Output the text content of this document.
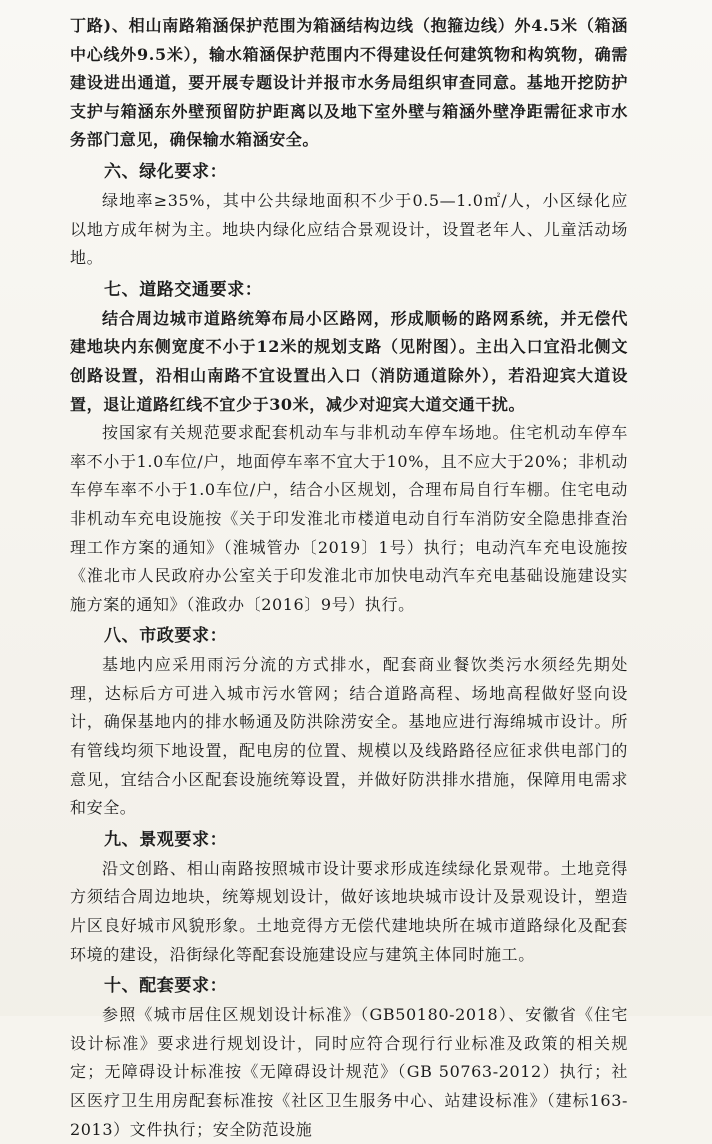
丁路)、相山南路箱涵保护范围为箱涵结构边线（抱箍边线）外4.5米（箱涵中心线外9.5米），输水箱涵保护范围内不得建设任何建筑物和构筑物，确需建设进出通道，要开展专题设计并报市水务局组织审查同意。基地开挖防护支护与箱涵东外壁预留防护距离以及地下室外壁与箱涵外壁净距需征求市水务部门意见，确保输水箱涵安全。

六、绿化要求：

绿地率≥35%，其中公共绿地面积不少于0.5—1.0㎡/人，小区绿化应以地方成年树为主。地块内绿化应结合景观设计，设置老年人、儿童活动场地。

七、道路交通要求：

结合周边城市道路统筹布局小区路网，形成顺畅的路网系统，并无偿代建地块内东侧宽度不小于12米的规划支路（见附图）。主出入口宜沿北侧文创路设置，沿相山南路不宜设置出入口（消防通道除外），若沿迎宾大道设置，退让道路红线不宜少于30米，减少对迎宾大道交通干扰。

按国家有关规范要求配套机动车与非机动车停车场地。住宅机动车停车率不小于1.0车位/户，地面停车率不宜大于10%，且不应大于20%；非机动车停车率不小于1.0车位/户，结合小区规划，合理布局自行车棚。住宅电动非机动车充电设施按《关于印发淮北市楼道电动自行车消防安全隐患排查治理工作方案的通知》（淮城管办〔2019〕1号）执行；电动汽车充电设施按《淮北市人民政府办公室关于印发淮北市加快电动汽车充电基础设施建设实施方案的通知》（淮政办〔2016〕9号）执行。

八、市政要求：

基地内应采用雨污分流的方式排水，配套商业餐饮类污水须经先期处理，达标后方可进入城市污水管网；结合道路高程、场地高程做好竖向设计，确保基地内的排水畅通及防洪除涝安全。基地应进行海绵城市设计。所有管线均须下地设置，配电房的位置、规模以及线路路径应征求供电部门的意见，宜结合小区配套设施统筹设置，并做好防洪排水措施，保障用电需求和安全。

九、景观要求：

沿文创路、相山南路按照城市设计要求形成连续绿化景观带。土地竞得方须结合周边地块，统筹规划设计，做好该地块城市设计及景观设计，塑造片区良好城市风貌形象。土地竞得方无偿代建地块所在城市道路绿化及配套环境的建设，沿街绿化等配套设施建设应与建筑主体同时施工。

十、配套要求：

参照《城市居住区规划设计标准》（GB50180-2018）、安徽省《住宅设计标准》要求进行规划设计，同时应符合现行行业标准及政策的相关规定；无障碍设计标准按《无障碍设计规范》（GB 50763-2012）执行；社区医疗卫生用房配套标准按《社区卫生服务中心、站建设标准》（建标163-2013）文件执行；安全防范设施
